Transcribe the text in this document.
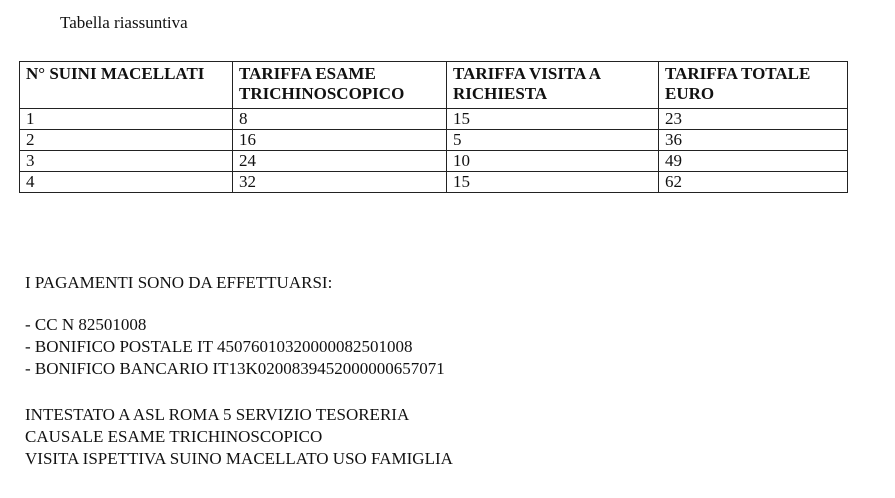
Tabella riassuntiva
N° SUINI MACELLATI	TARIFFA ESAME TRICHINOSCOPICO	TARIFFA VISITA A RICHIESTA	TARIFFA TOTALE EURO
1	8	15	23
2	16	5	36
3	24	10	49
4	32	15	62
I PAGAMENTI SONO DA EFFETTUARSI:
- CC N 82501008
- BONIFICO POSTALE IT 45076010320000082501008
- BONIFICO BANCARIO IT13K0200839452000000657071
INTESTATO A ASL ROMA 5 SERVIZIO TESORERIA
CAUSALE ESAME TRICHINOSCOPICO
VISITA ISPETTIVA SUINO MACELLATO USO FAMIGLIA
